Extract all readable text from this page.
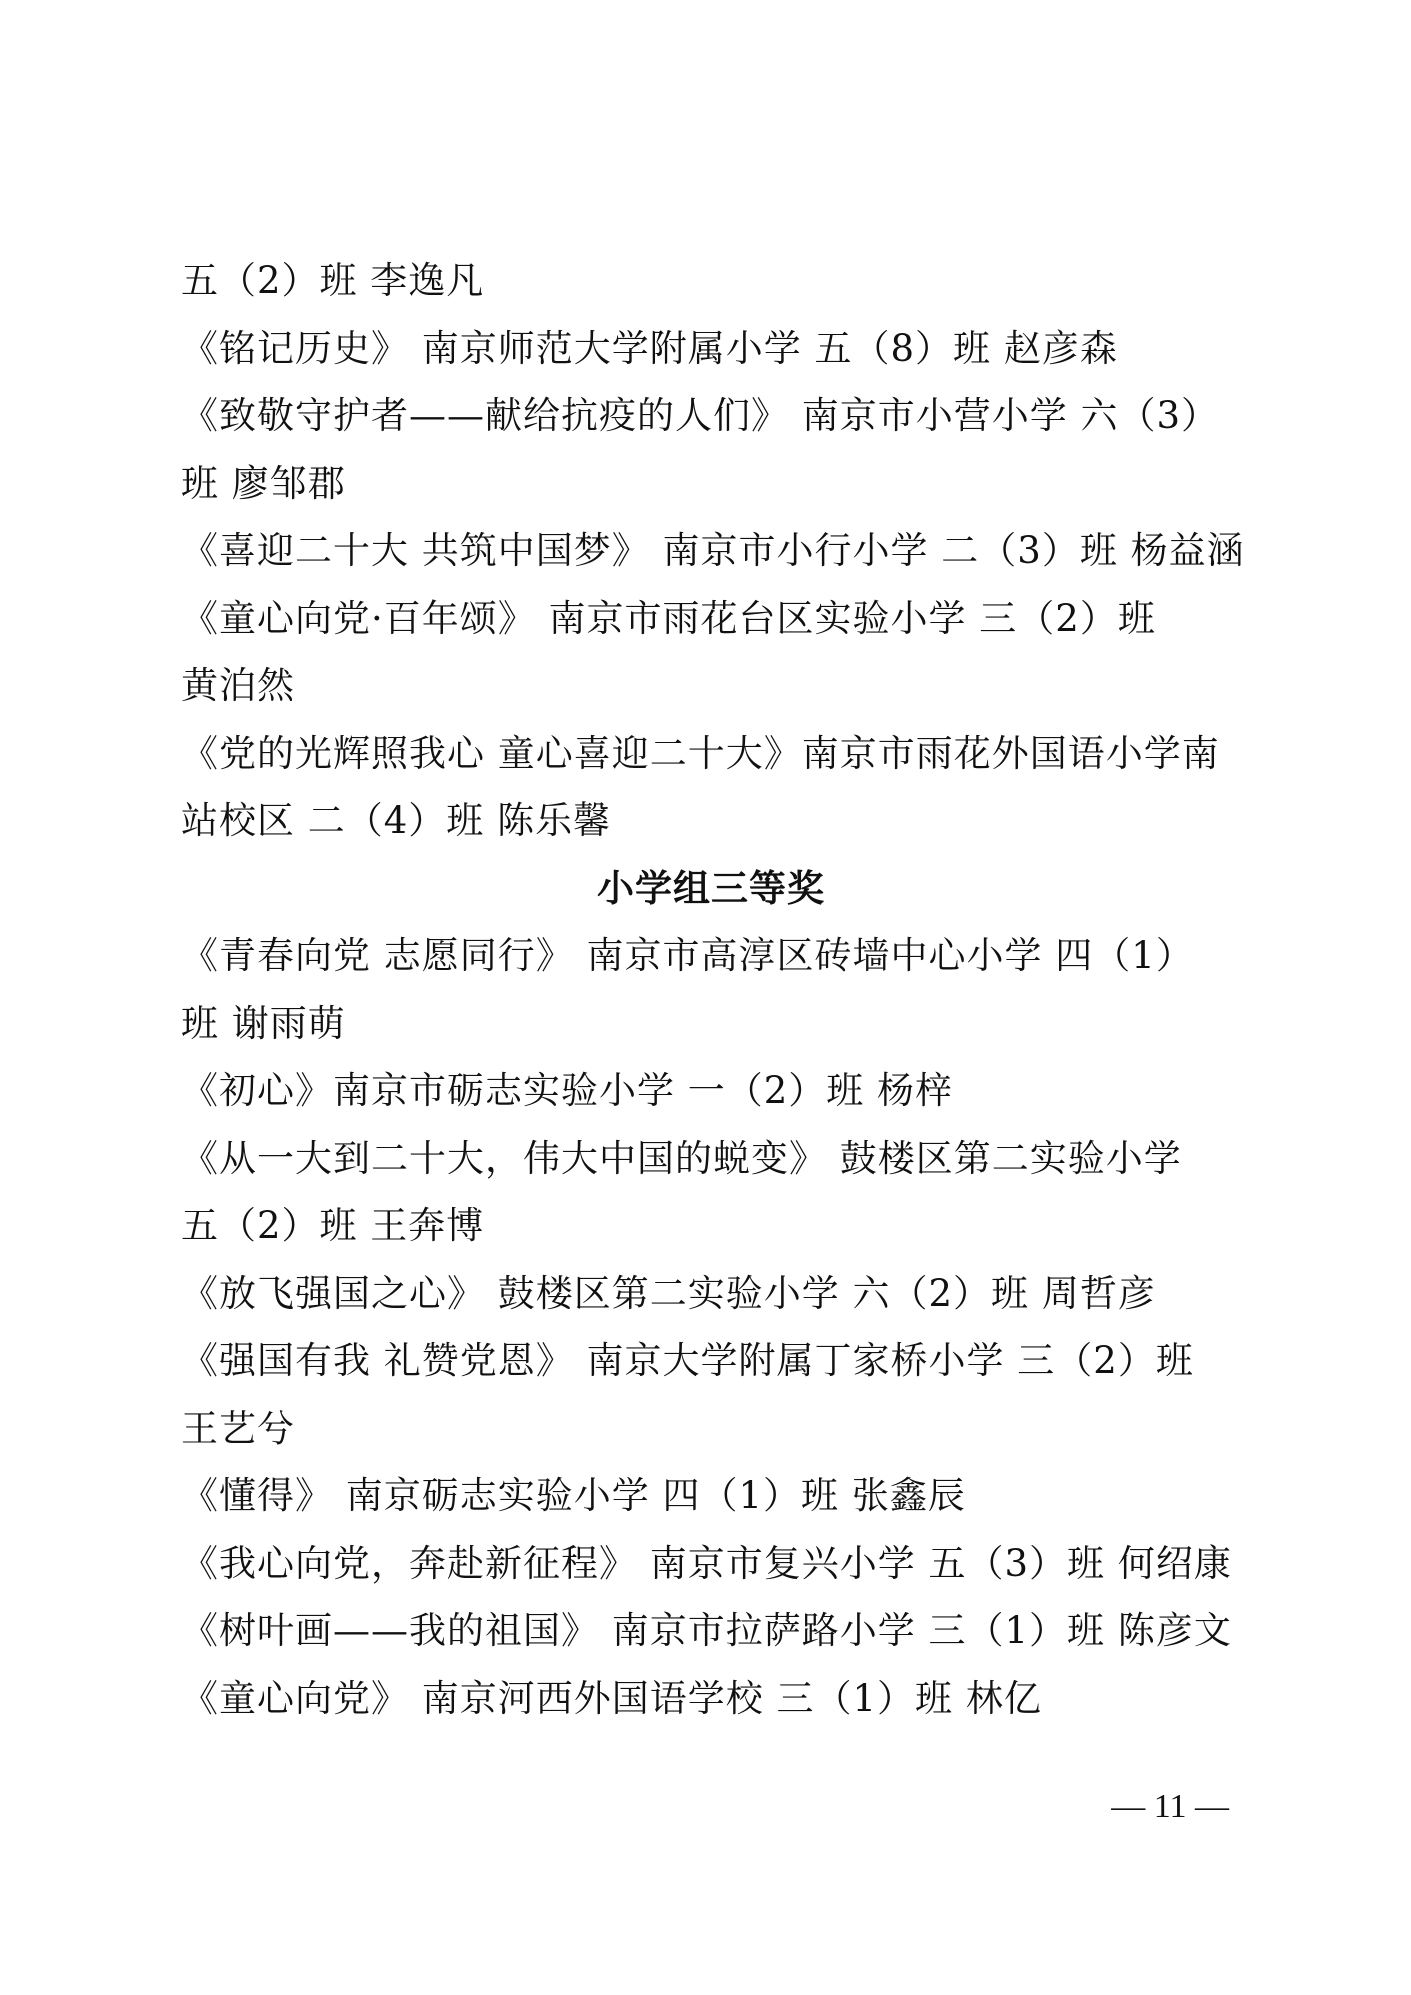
五（2）班 李逸凡
《铭记历史》 南京师范大学附属小学 五（8）班 赵彦森
《致敬守护者——献给抗疫的人们》 南京市小营小学 六（3）
班 廖邹郡
《喜迎二十大 共筑中国梦》 南京市小行小学 二（3）班 杨益涵
《童心向党·百年颂》 南京市雨花台区实验小学 三（2）班
黄泊然
《党的光辉照我心 童心喜迎二十大》南京市雨花外国语小学南
站校区 二（4）班 陈乐馨
小学组三等奖
《青春向党 志愿同行》 南京市高淳区砖墙中心小学 四（1）
班 谢雨萌
《初心》南京市砺志实验小学 一（2）班 杨梓
《从一大到二十大，伟大中国的蜕变》 鼓楼区第二实验小学
五（2）班 王奔博
《放飞强国之心》 鼓楼区第二实验小学 六（2）班 周哲彦
《强国有我 礼赞党恩》 南京大学附属丁家桥小学 三（2）班
王艺兮
《懂得》 南京砺志实验小学 四（1）班 张鑫辰
《我心向党，奔赴新征程》 南京市复兴小学 五（3）班 何绍康
《树叶画——我的祖国》 南京市拉萨路小学 三（1）班 陈彦文
《童心向党》 南京河西外国语学校 三（1）班 林亿
— 11 —
